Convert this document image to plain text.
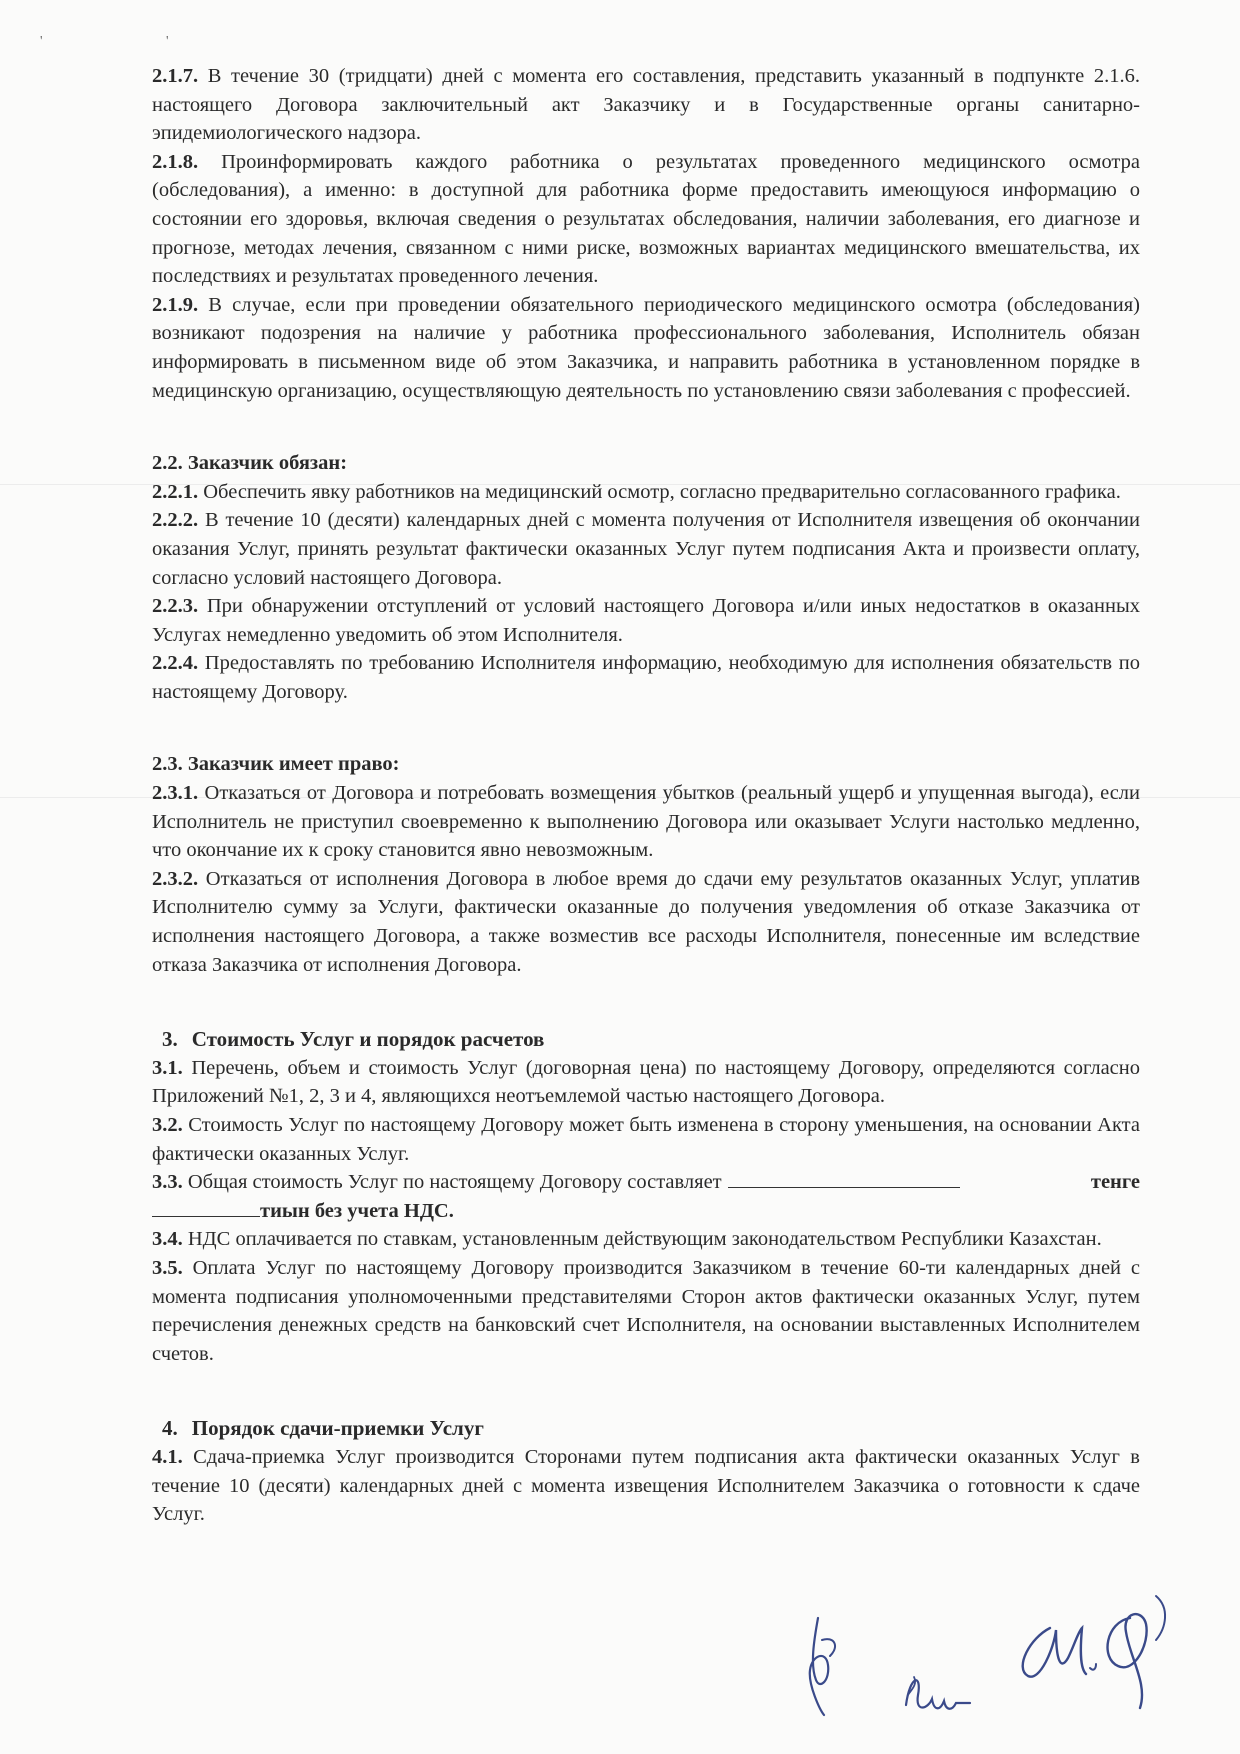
' '

2.1.7. В течение 30 (тридцати) дней с момента его составления, представить указанный в подпункте 2.1.6. настоящего Договора заключительный акт Заказчику и в Государственные органы санитарно-эпидемиологического надзора.

2.1.8. Проинформировать каждого работника о результатах проведенного медицинского осмотра (обследования), а именно: в доступной для работника форме предоставить имеющуюся информацию о состоянии его здоровья, включая сведения о результатах обследования, наличии заболевания, его диагнозе и прогнозе, методах лечения, связанном с ними риске, возможных вариантах медицинского вмешательства, их последствиях и результатах проведенного лечения.

2.1.9. В случае, если при проведении обязательного периодического медицинского осмотра (обследования) возникают подозрения на наличие у работника профессионального заболевания, Исполнитель обязан информировать в письменном виде об этом Заказчика, и направить работника в установленном порядке в медицинскую организацию, осуществляющую деятельность по установлению связи заболевания с профессией.

2.2. Заказчик обязан:

2.2.1. Обеспечить явку работников на медицинский осмотр, согласно предварительно согласованного графика.

2.2.2. В течение 10 (десяти) календарных дней с момента получения от Исполнителя извещения об окончании оказания Услуг, принять результат фактически оказанных Услуг путем подписания Акта и произвести оплату, согласно условий настоящего Договора.

2.2.3. При обнаружении отступлений от условий настоящего Договора и/или иных недостатков в оказанных Услугах немедленно уведомить об этом Исполнителя.

2.2.4. Предоставлять по требованию Исполнителя информацию, необходимую для исполнения обязательств по настоящему Договору.

2.3. Заказчик имеет право:

2.3.1. Отказаться от Договора и потребовать возмещения убытков (реальный ущерб и упущенная выгода), если Исполнитель не приступил своевременно к выполнению Договора или оказывает Услуги настолько медленно, что окончание их к сроку становится явно невозможным.

2.3.2. Отказаться от исполнения Договора в любое время до сдачи ему результатов оказанных Услуг, уплатив Исполнителю сумму за Услуги, фактически оказанные до получения уведомления об отказе Заказчика от исполнения настоящего Договора, а также возместив все расходы Исполнителя, понесенные им вследствие отказа Заказчика от исполнения Договора.

3. Стоимость Услуг и порядок расчетов

3.1. Перечень, объем и стоимость Услуг (договорная цена) по настоящему Договору, определяются согласно Приложений №1, 2, 3 и 4, являющихся неотъемлемой частью настоящего Договора.

3.2. Стоимость Услуг по настоящему Договору может быть изменена в сторону уменьшения, на основании Акта фактически оказанных Услуг.

3.3. Общая стоимость Услуг по настоящему Договору составляет	тенге

тиын без учета НДС.

3.4. НДС оплачивается по ставкам, установленным действующим законодательством Республики Казахстан.

3.5. Оплата Услуг по настоящему Договору производится Заказчиком в течение 60-ти календарных дней с момента подписания уполномоченными представителями Сторон актов фактически оказанных Услуг, путем перечисления денежных средств на банковский счет Исполнителя, на основании выставленных Исполнителем счетов.

4. Порядок сдачи-приемки Услуг

4.1. Сдача-приемка Услуг производится Сторонами путем подписания акта фактически оказанных Услуг в течение 10 (десяти) календарных дней с момента извещения Исполнителем Заказчика о готовности к сдаче Услуг.
